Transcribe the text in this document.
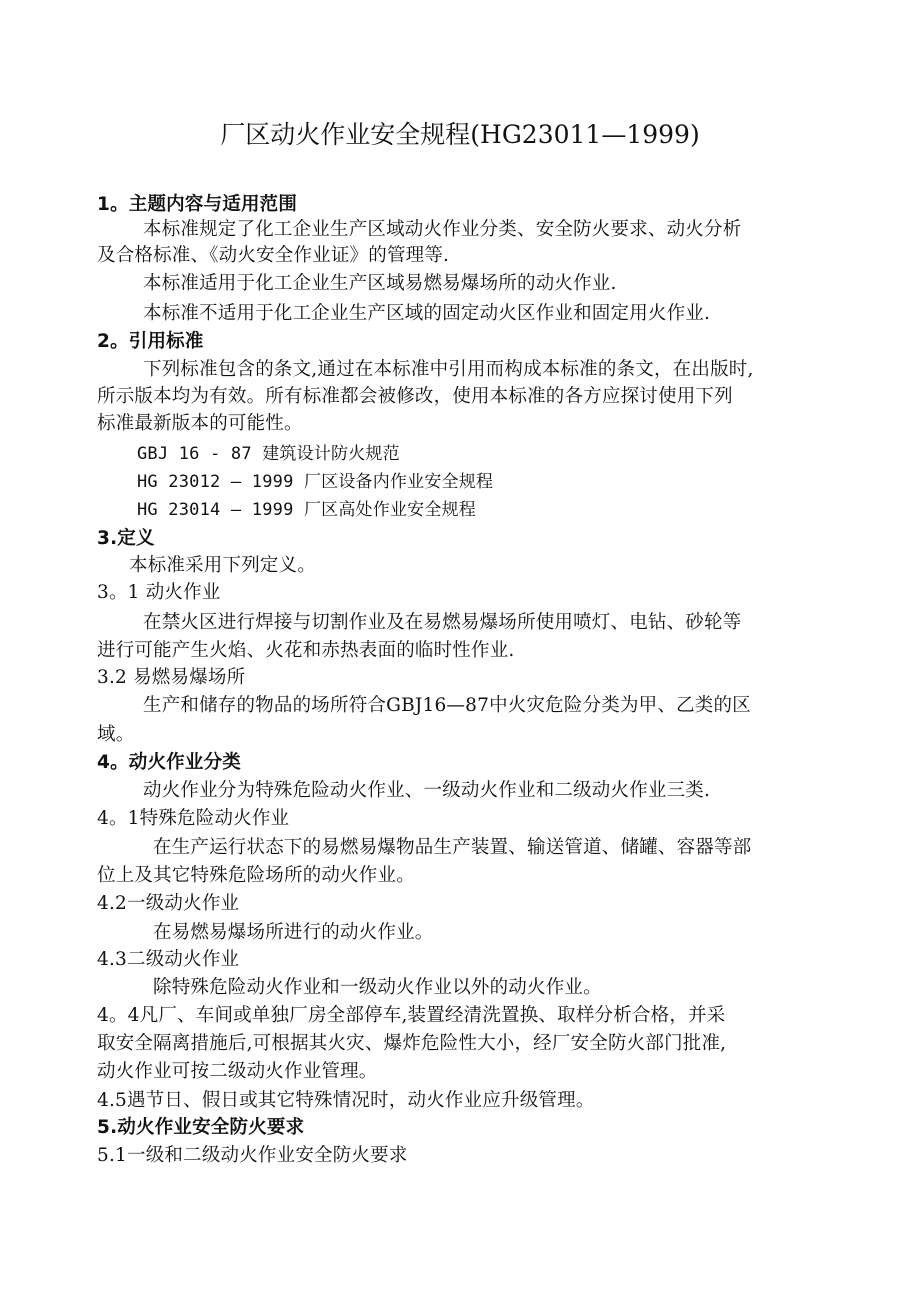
厂区动火作业安全规程(HG23011—1999)
1。主题内容与适用范围
本标准规定了化工企业生产区域动火作业分类、安全防火要求、动火分析
及合格标准、《动火安全作业证》的管理等.
本标准适用于化工企业生产区域易燃易爆场所的动火作业.
本标准不适用于化工企业生产区域的固定动火区作业和固定用火作业.
2。引用标准
下列标准包含的条文,通过在本标准中引用而构成本标准的条文，在出版时,
所示版本均为有效。所有标准都会被修改，使用本标准的各方应探讨使用下列
标准最新版本的可能性。
GBJ 16 - 87 建筑设计防火规范
HG 23012 — 1999 厂区设备内作业安全规程
HG 23014 — 1999 厂区高处作业安全规程
3.定义
本标准采用下列定义。
3。1 动火作业
在禁火区进行焊接与切割作业及在易燃易爆场所使用喷灯、电钻、砂轮等
进行可能产生火焰、火花和赤热表面的临时性作业.
3.2 易燃易爆场所
生产和储存的物品的场所符合GBJ16—87中火灾危险分类为甲、乙类的区
域。
4。动火作业分类
动火作业分为特殊危险动火作业、一级动火作业和二级动火作业三类.
4。1特殊危险动火作业
在生产运行状态下的易燃易爆物品生产装置、输送管道、储罐、容器等部
位上及其它特殊危险场所的动火作业。
4.2一级动火作业
在易燃易爆场所进行的动火作业。
4.3二级动火作业
除特殊危险动火作业和一级动火作业以外的动火作业。
4。4凡厂、车间或单独厂房全部停车,装置经清洗置换、取样分析合格，并采
取安全隔离措施后,可根据其火灾、爆炸危险性大小，经厂安全防火部门批准,
动火作业可按二级动火作业管理。
4.5遇节日、假日或其它特殊情况时，动火作业应升级管理。
5.动火作业安全防火要求
5.1一级和二级动火作业安全防火要求
